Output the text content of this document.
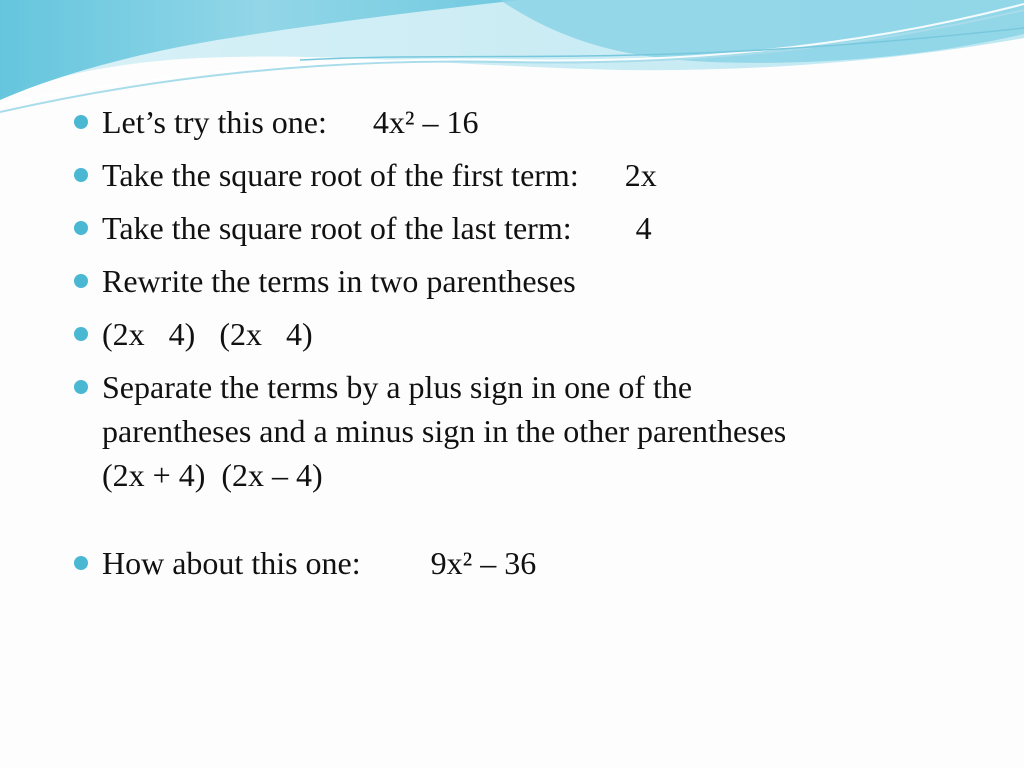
Let’s try this one: 4x² – 16
Take the square root of the first term: 2x
Take the square root of the last term: 4
Rewrite the terms in two parentheses
(2x   4)   (2x   4)
Separate the terms by a plus sign in one of the
parentheses and a minus sign in the other parentheses
(2x + 4)  (2x – 4)
How about this one: 9x² – 36
